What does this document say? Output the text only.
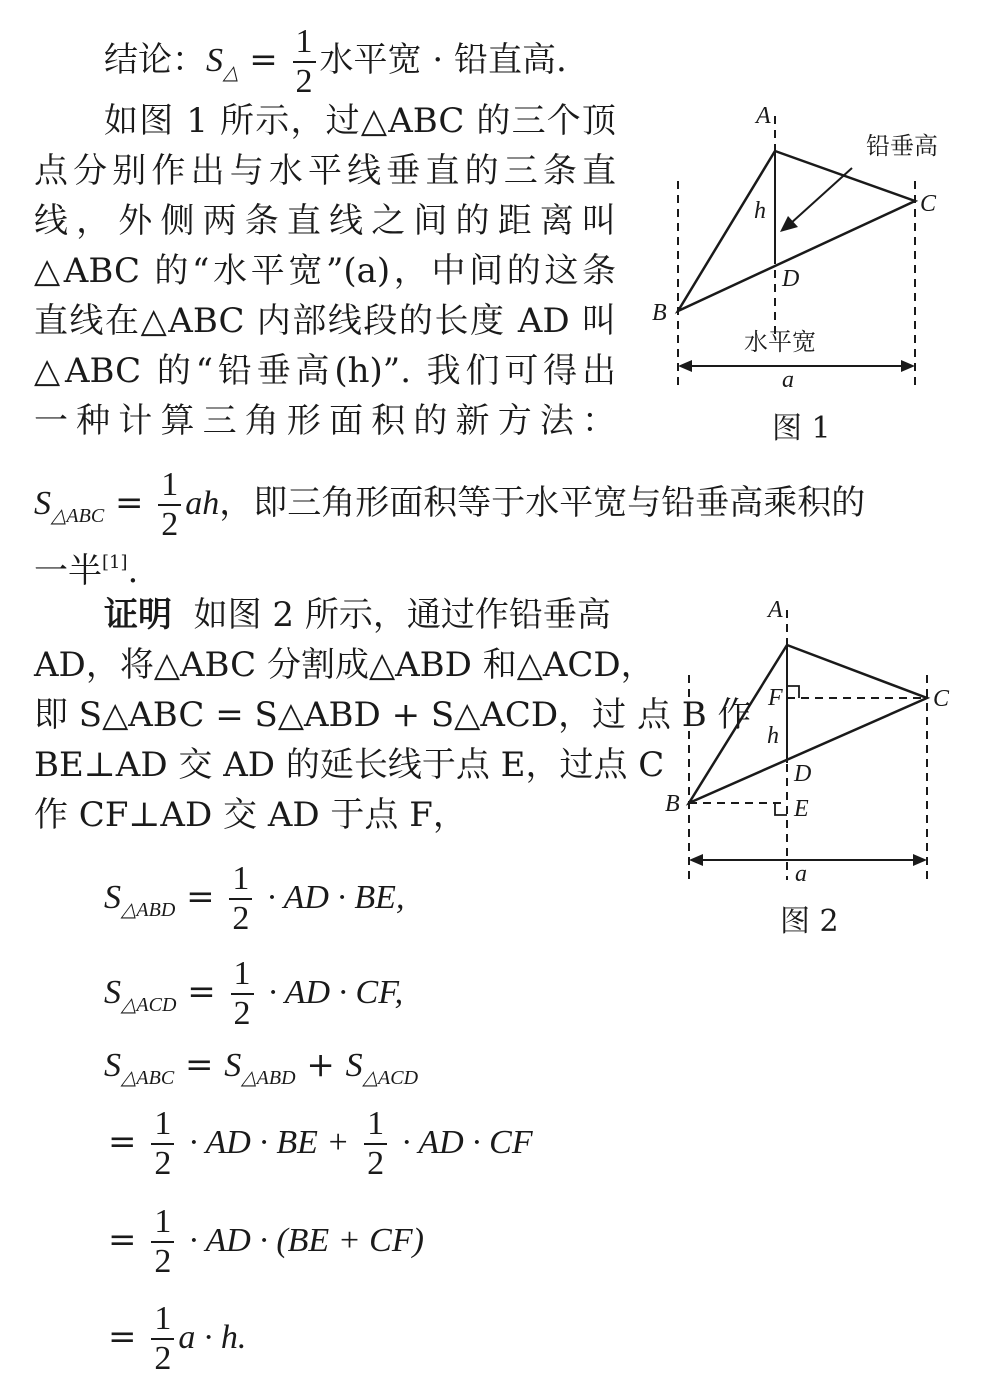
结论：$S_\triangle = \frac{1}{2}$ 水平宽 · 铅直高.
如图 1 所示，过△ABC 的三个顶
点分别作出与水平线垂直的三条直
线，外侧两条直线之间的距离叫
△ABC 的“水平宽”(a)，中间的这条
直线在△ABC 内部线段的长度 AD 叫
△ABC 的“铅垂高(h)”. 我们可得出
一种计算三角形面积的新方法：
A
C
B
D
h
a
铅垂高
水平宽
图 1
$S_{\triangle ABC} = \frac{1}{2}$ ah，即三角形面积等于水平宽与铅垂高乘积的
一半[1].
证明 如图 2 所示，通过作铅垂高
AD，将△ABC 分割成△ABD 和△ACD，
即 S△ABC = S△ABD + S△ACD，过 点 B 作
BE⊥AD 交 AD 的延长线于点 E，过点 C
作 CF⊥AD 交 AD 于点 F，
A
C
B
D
E
F
h
a
图 2
$S_{\triangle ABD} = \frac{1}{2}$ · AD · BE,
$S_{\triangle ACD} = \frac{1}{2}$ · AD · CF,
$S_{\triangle ABC} = S_{\triangle ABD} + S_{\triangle ACD}$
= $\frac{1}{2}$ · AD · BE + $\frac{1}{2}$ · AD · CF
= $\frac{1}{2}$ · AD · (BE + CF)
= $\frac{1}{2}$ a · h.
